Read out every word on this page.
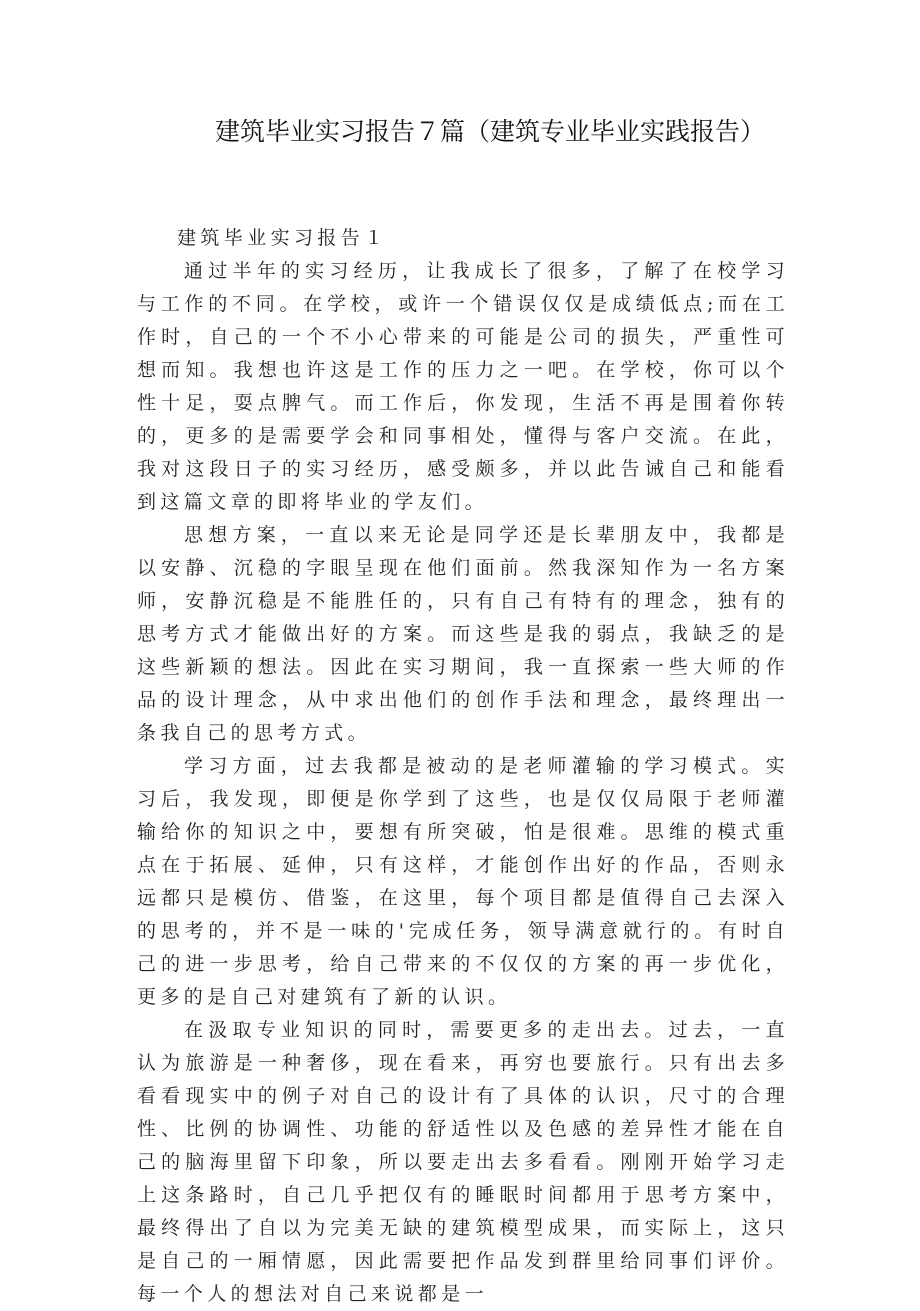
建筑毕业实习报告７篇（建筑专业毕业实践报告）
建筑毕业实习报告１

通过半年的实习经历，让我成长了很多，了解了在校学习与工作的不同。在学校，或许一个错误仅仅是成绩低点;而在工作时，自己的一个不小心带来的可能是公司的损失，严重性可想而知。我想也许这是工作的压力之一吧。在学校，你可以个性十足，耍点脾气。而工作后，你发现，生活不再是围着你转的，更多的是需要学会和同事相处，懂得与客户交流。在此，我对这段日子的实习经历，感受颇多，并以此告诫自己和能看到这篇文章的即将毕业的学友们。

思想方案，一直以来无论是同学还是长辈朋友中，我都是以安静、沉稳的字眼呈现在他们面前。然我深知作为一名方案师，安静沉稳是不能胜任的，只有自己有特有的理念，独有的思考方式才能做出好的方案。而这些是我的弱点，我缺乏的是这些新颖的想法。因此在实习期间，我一直探索一些大师的作品的设计理念，从中求出他们的创作手法和理念，最终理出一条我自己的思考方式。

学习方面，过去我都是被动的是老师灌输的学习模式。实习后，我发现，即便是你学到了这些，也是仅仅局限于老师灌输给你的知识之中，要想有所突破，怕是很难。思维的模式重点在于拓展、延伸，只有这样，才能创作出好的作品，否则永远都只是模仿、借鉴，在这里，每个项目都是值得自己去深入的思考的，并不是一味的'完成任务，领导满意就行的。有时自己的进一步思考，给自己带来的不仅仅的方案的再一步优化，更多的是自己对建筑有了新的认识。

在汲取专业知识的同时，需要更多的走出去。过去，一直认为旅游是一种奢侈，现在看来，再穷也要旅行。只有出去多看看现实中的例子对自己的设计有了具体的认识，尺寸的合理性、比例的协调性、功能的舒适性以及色感的差异性才能在自己的脑海里留下印象，所以要走出去多看看。刚刚开始学习走上这条路时，自己几乎把仅有的睡眠时间都用于思考方案中，最终得出了自以为完美无缺的建筑模型成果，而实际上，这只是自己的一厢情愿，因此需要把作品发到群里给同事们评价。每一个人的想法对自己来说都是一
